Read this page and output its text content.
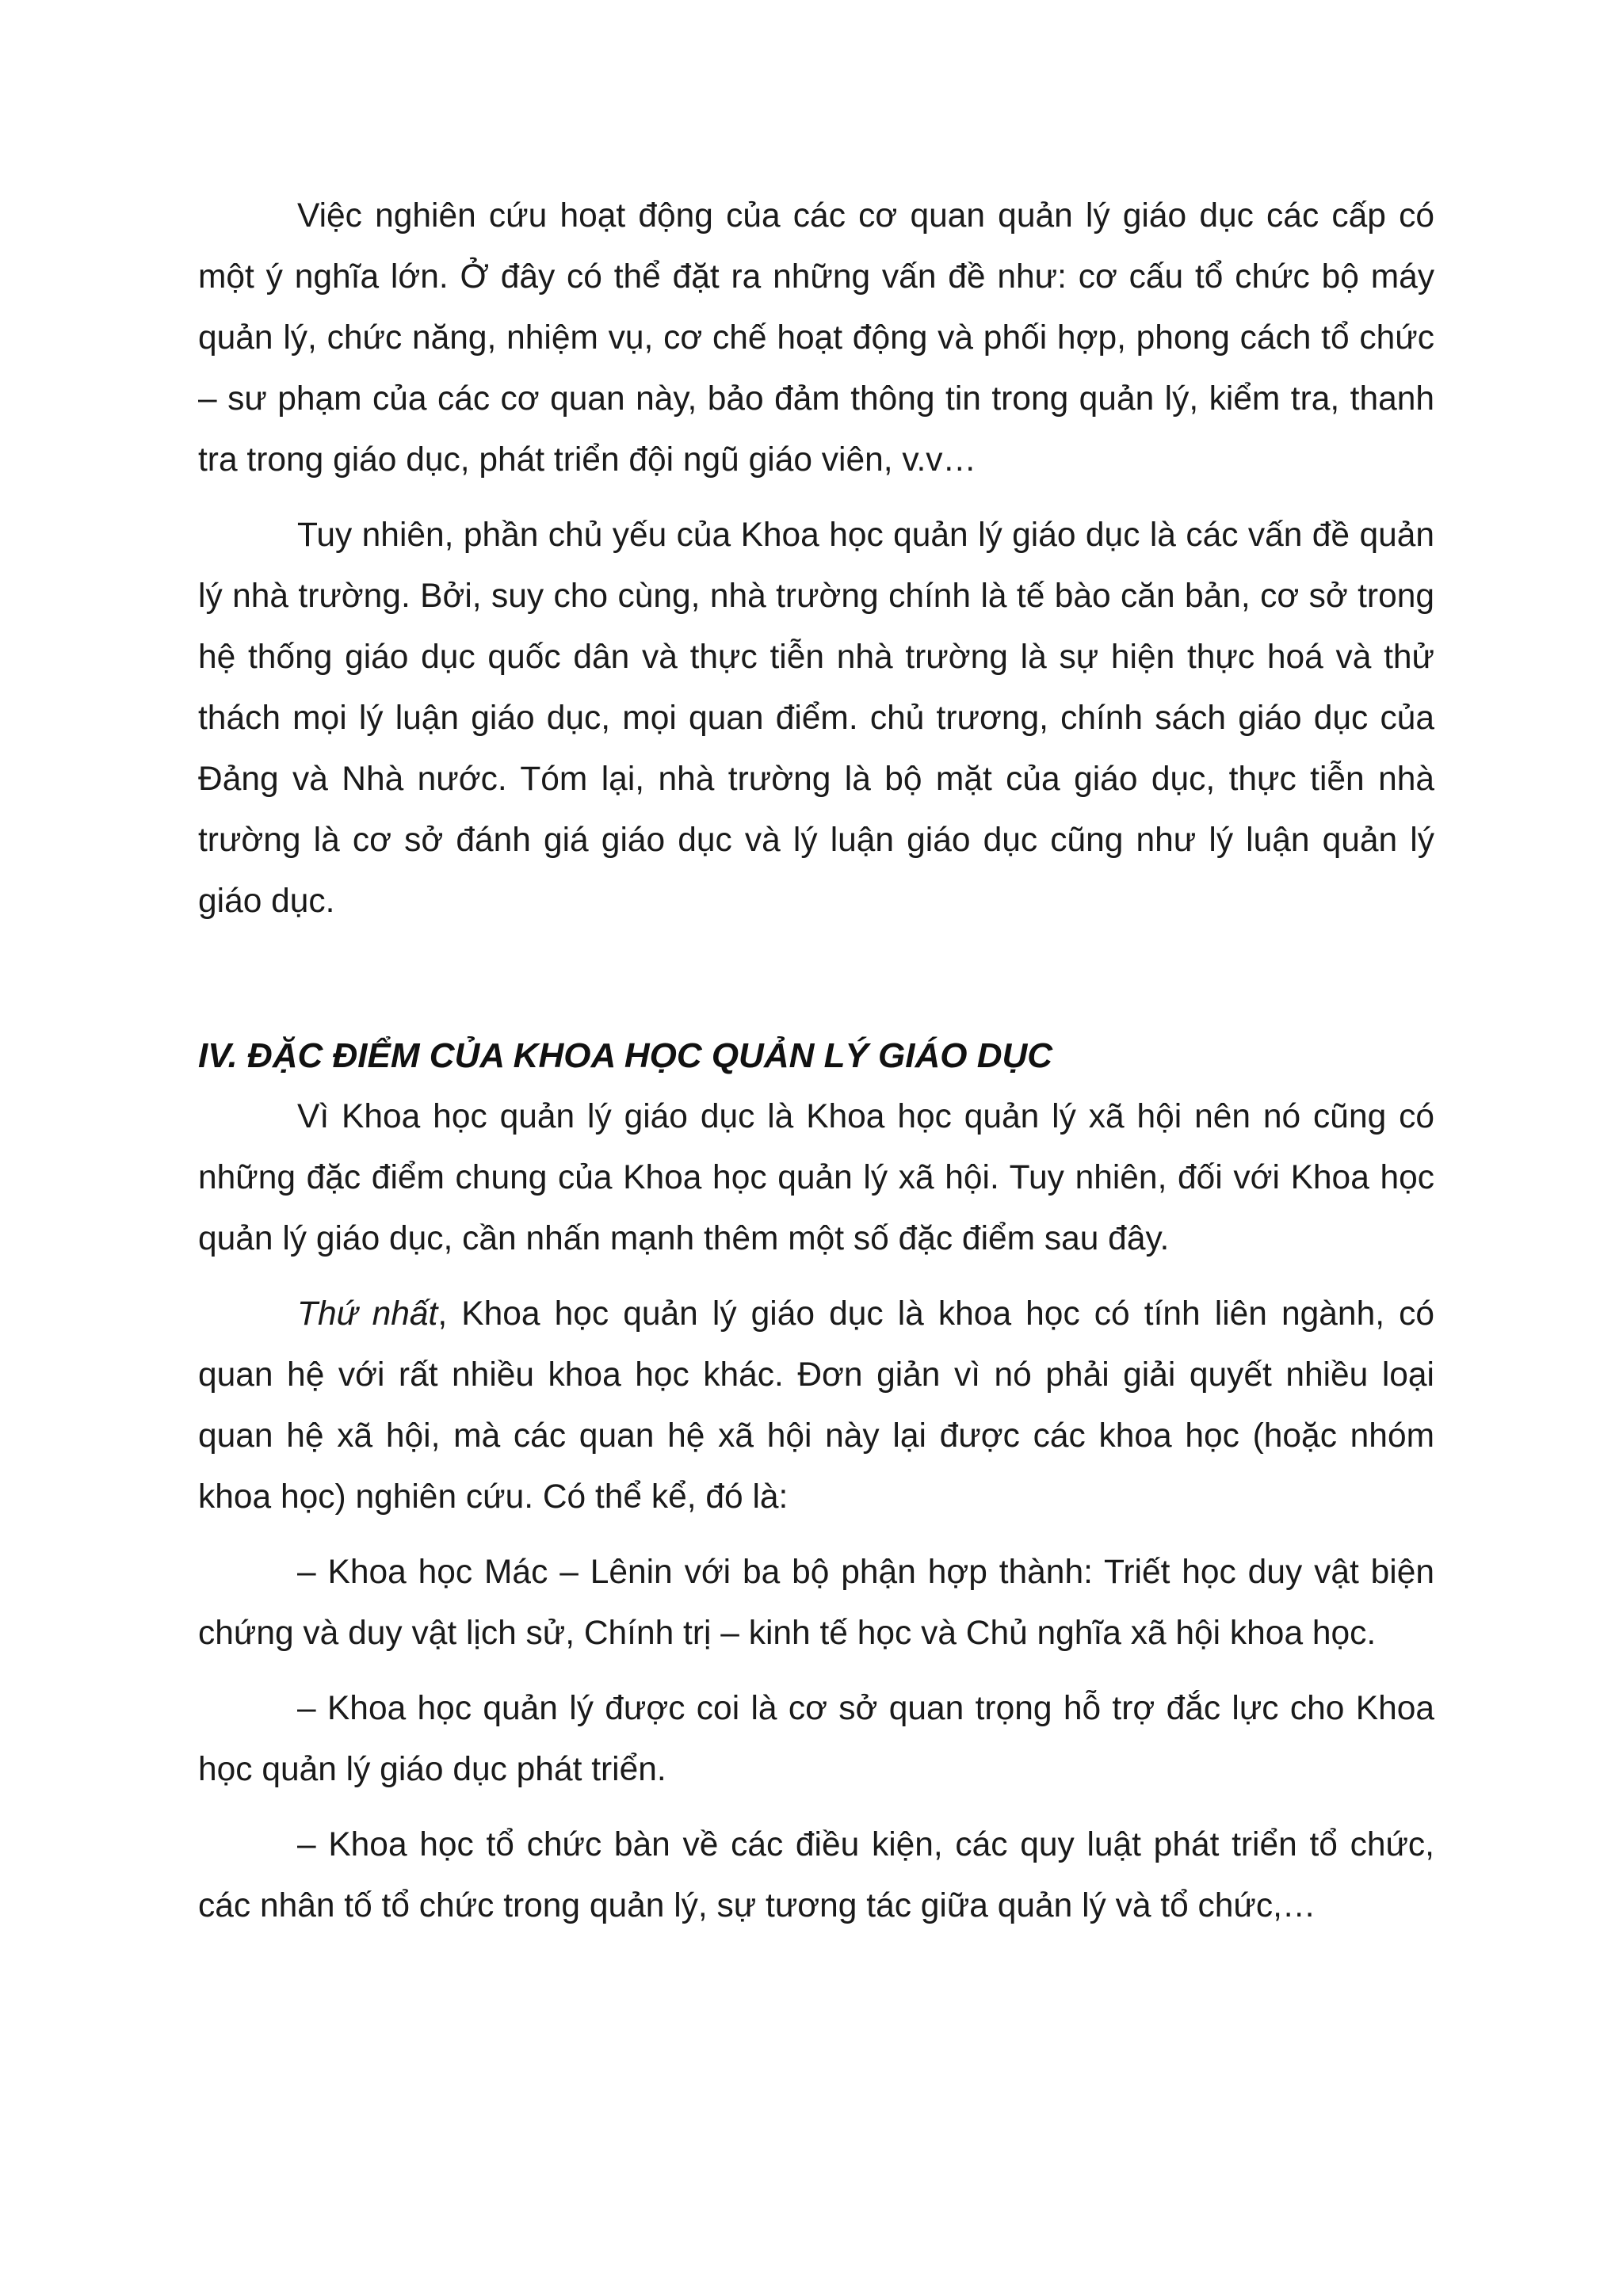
Việc nghiên cứu hoạt động của các cơ quan quản lý giáo dục các cấp có một ý nghĩa lớn. Ở đây có thể đặt ra những vấn đề như: cơ cấu tổ chức bộ máy quản lý, chức năng, nhiệm vụ, cơ chế hoạt động và phối hợp, phong cách tổ chức – sư phạm của các cơ quan này, bảo đảm thông tin trong quản lý, kiểm tra, thanh tra trong giáo dục, phát triển đội ngũ giáo viên, v.v…

Tuy nhiên, phần chủ yếu của Khoa học quản lý giáo dục là các vấn đề quản lý nhà trường. Bởi, suy cho cùng, nhà trường chính là tế bào căn bản, cơ sở trong hệ thống giáo dục quốc dân và thực tiễn nhà trường là sự hiện thực hoá và thử thách mọi lý luận giáo dục, mọi quan điểm. chủ trương, chính sách giáo dục của Đảng và Nhà nước. Tóm lại, nhà trường là bộ mặt của giáo dục, thực tiễn nhà trường là cơ sở đánh giá giáo dục và lý luận giáo dục cũng như lý luận quản lý giáo dục.

IV. ĐẶC ĐIỂM CỦA KHOA HỌC QUẢN LÝ GIÁO DỤC

Vì Khoa học quản lý giáo dục là Khoa học quản lý xã hội nên nó cũng có những đặc điểm chung của Khoa học quản lý xã hội. Tuy nhiên, đối với Khoa học quản lý giáo dục, cần nhấn mạnh thêm một số đặc điểm sau đây.

Thứ nhất, Khoa học quản lý giáo dục là khoa học có tính liên ngành, có quan hệ với rất nhiều khoa học khác. Đơn giản vì nó phải giải quyết nhiều loại quan hệ xã hội, mà các quan hệ xã hội này lại được các khoa học (hoặc nhóm khoa học) nghiên cứu. Có thể kể, đó là:

– Khoa học Mác – Lênin với ba bộ phận hợp thành: Triết học duy vật biện chứng và duy vật lịch sử, Chính trị – kinh tế học và Chủ nghĩa xã hội khoa học.

– Khoa học quản lý được coi là cơ sở quan trọng hỗ trợ đắc lực cho Khoa học quản lý giáo dục phát triển.

– Khoa học tổ chức bàn về các điều kiện, các quy luật phát triển tổ chức, các nhân tố tổ chức trong quản lý, sự tương tác giữa quản lý và tổ chức,…
